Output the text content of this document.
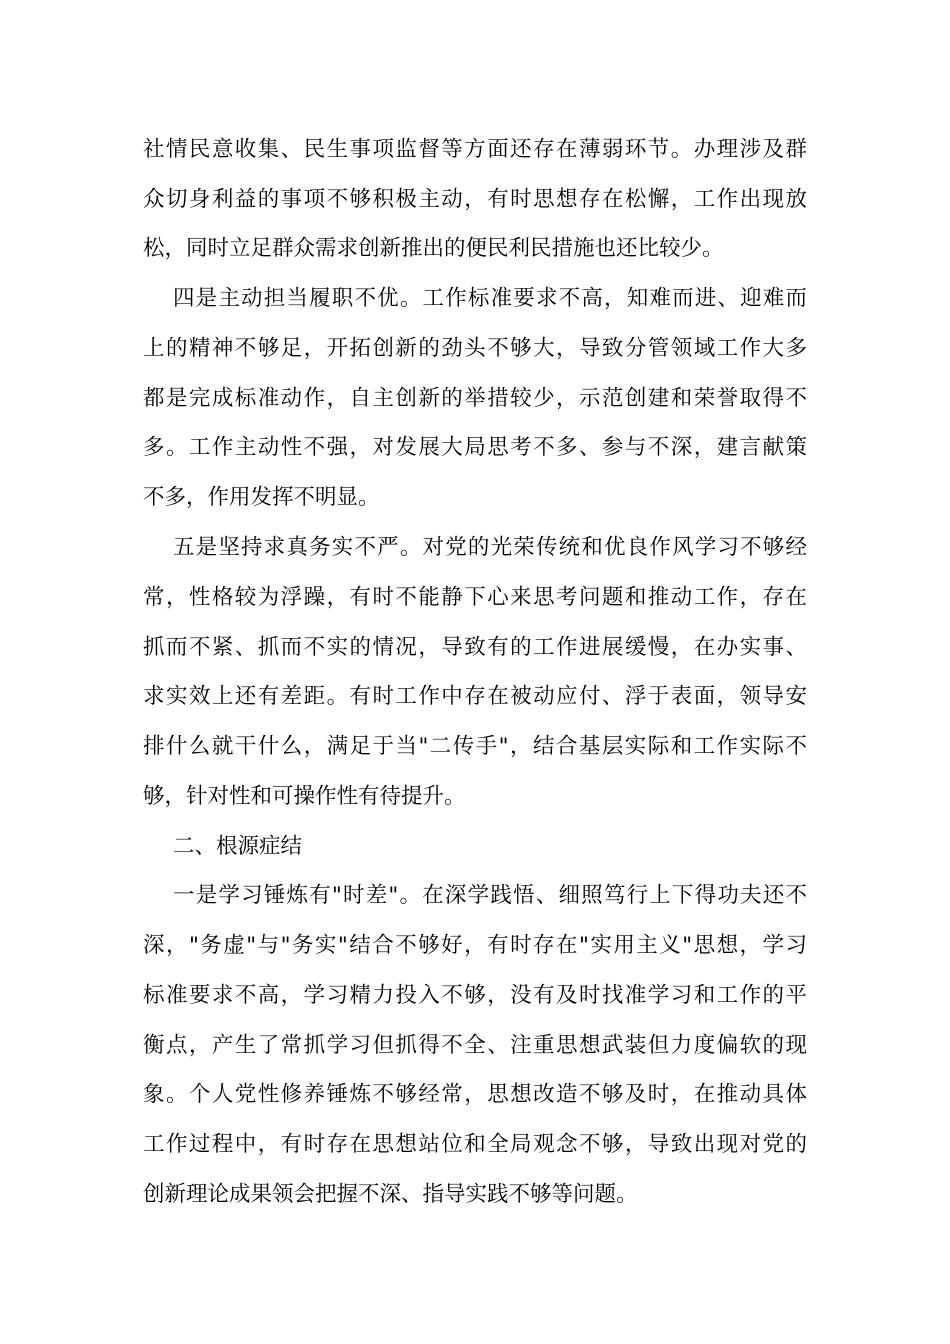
社情民意收集、民生事项监督等方面还存在薄弱环节。办理涉及群
众切身利益的事项不够积极主动，有时思想存在松懈，工作出现放
松，同时立足群众需求创新推出的便民利民措施也还比较少。
四是主动担当履职不优。工作标准要求不高，知难而进、迎难而
上的精神不够足，开拓创新的劲头不够大，导致分管领域工作大多
都是完成标准动作，自主创新的举措较少，示范创建和荣誉取得不
多。工作主动性不强，对发展大局思考不多、参与不深，建言献策
不多，作用发挥不明显。
五是坚持求真务实不严。对党的光荣传统和优良作风学习不够经
常，性格较为浮躁，有时不能静下心来思考问题和推动工作，存在
抓而不紧、抓而不实的情况，导致有的工作进展缓慢，在办实事、
求实效上还有差距。有时工作中存在被动应付、浮于表面，领导安
排什么就干什么，满足于当"二传手"，结合基层实际和工作实际不
够，针对性和可操作性有待提升。
二、根源症结
一是学习锤炼有"时差"。在深学践悟、细照笃行上下得功夫还不
深，"务虚"与"务实"结合不够好，有时存在"实用主义"思想，学习
标准要求不高，学习精力投入不够，没有及时找准学习和工作的平
衡点，产生了常抓学习但抓得不全、注重思想武装但力度偏软的现
象。个人党性修养锤炼不够经常，思想改造不够及时，在推动具体
工作过程中，有时存在思想站位和全局观念不够，导致出现对党的
创新理论成果领会把握不深、指导实践不够等问题。
